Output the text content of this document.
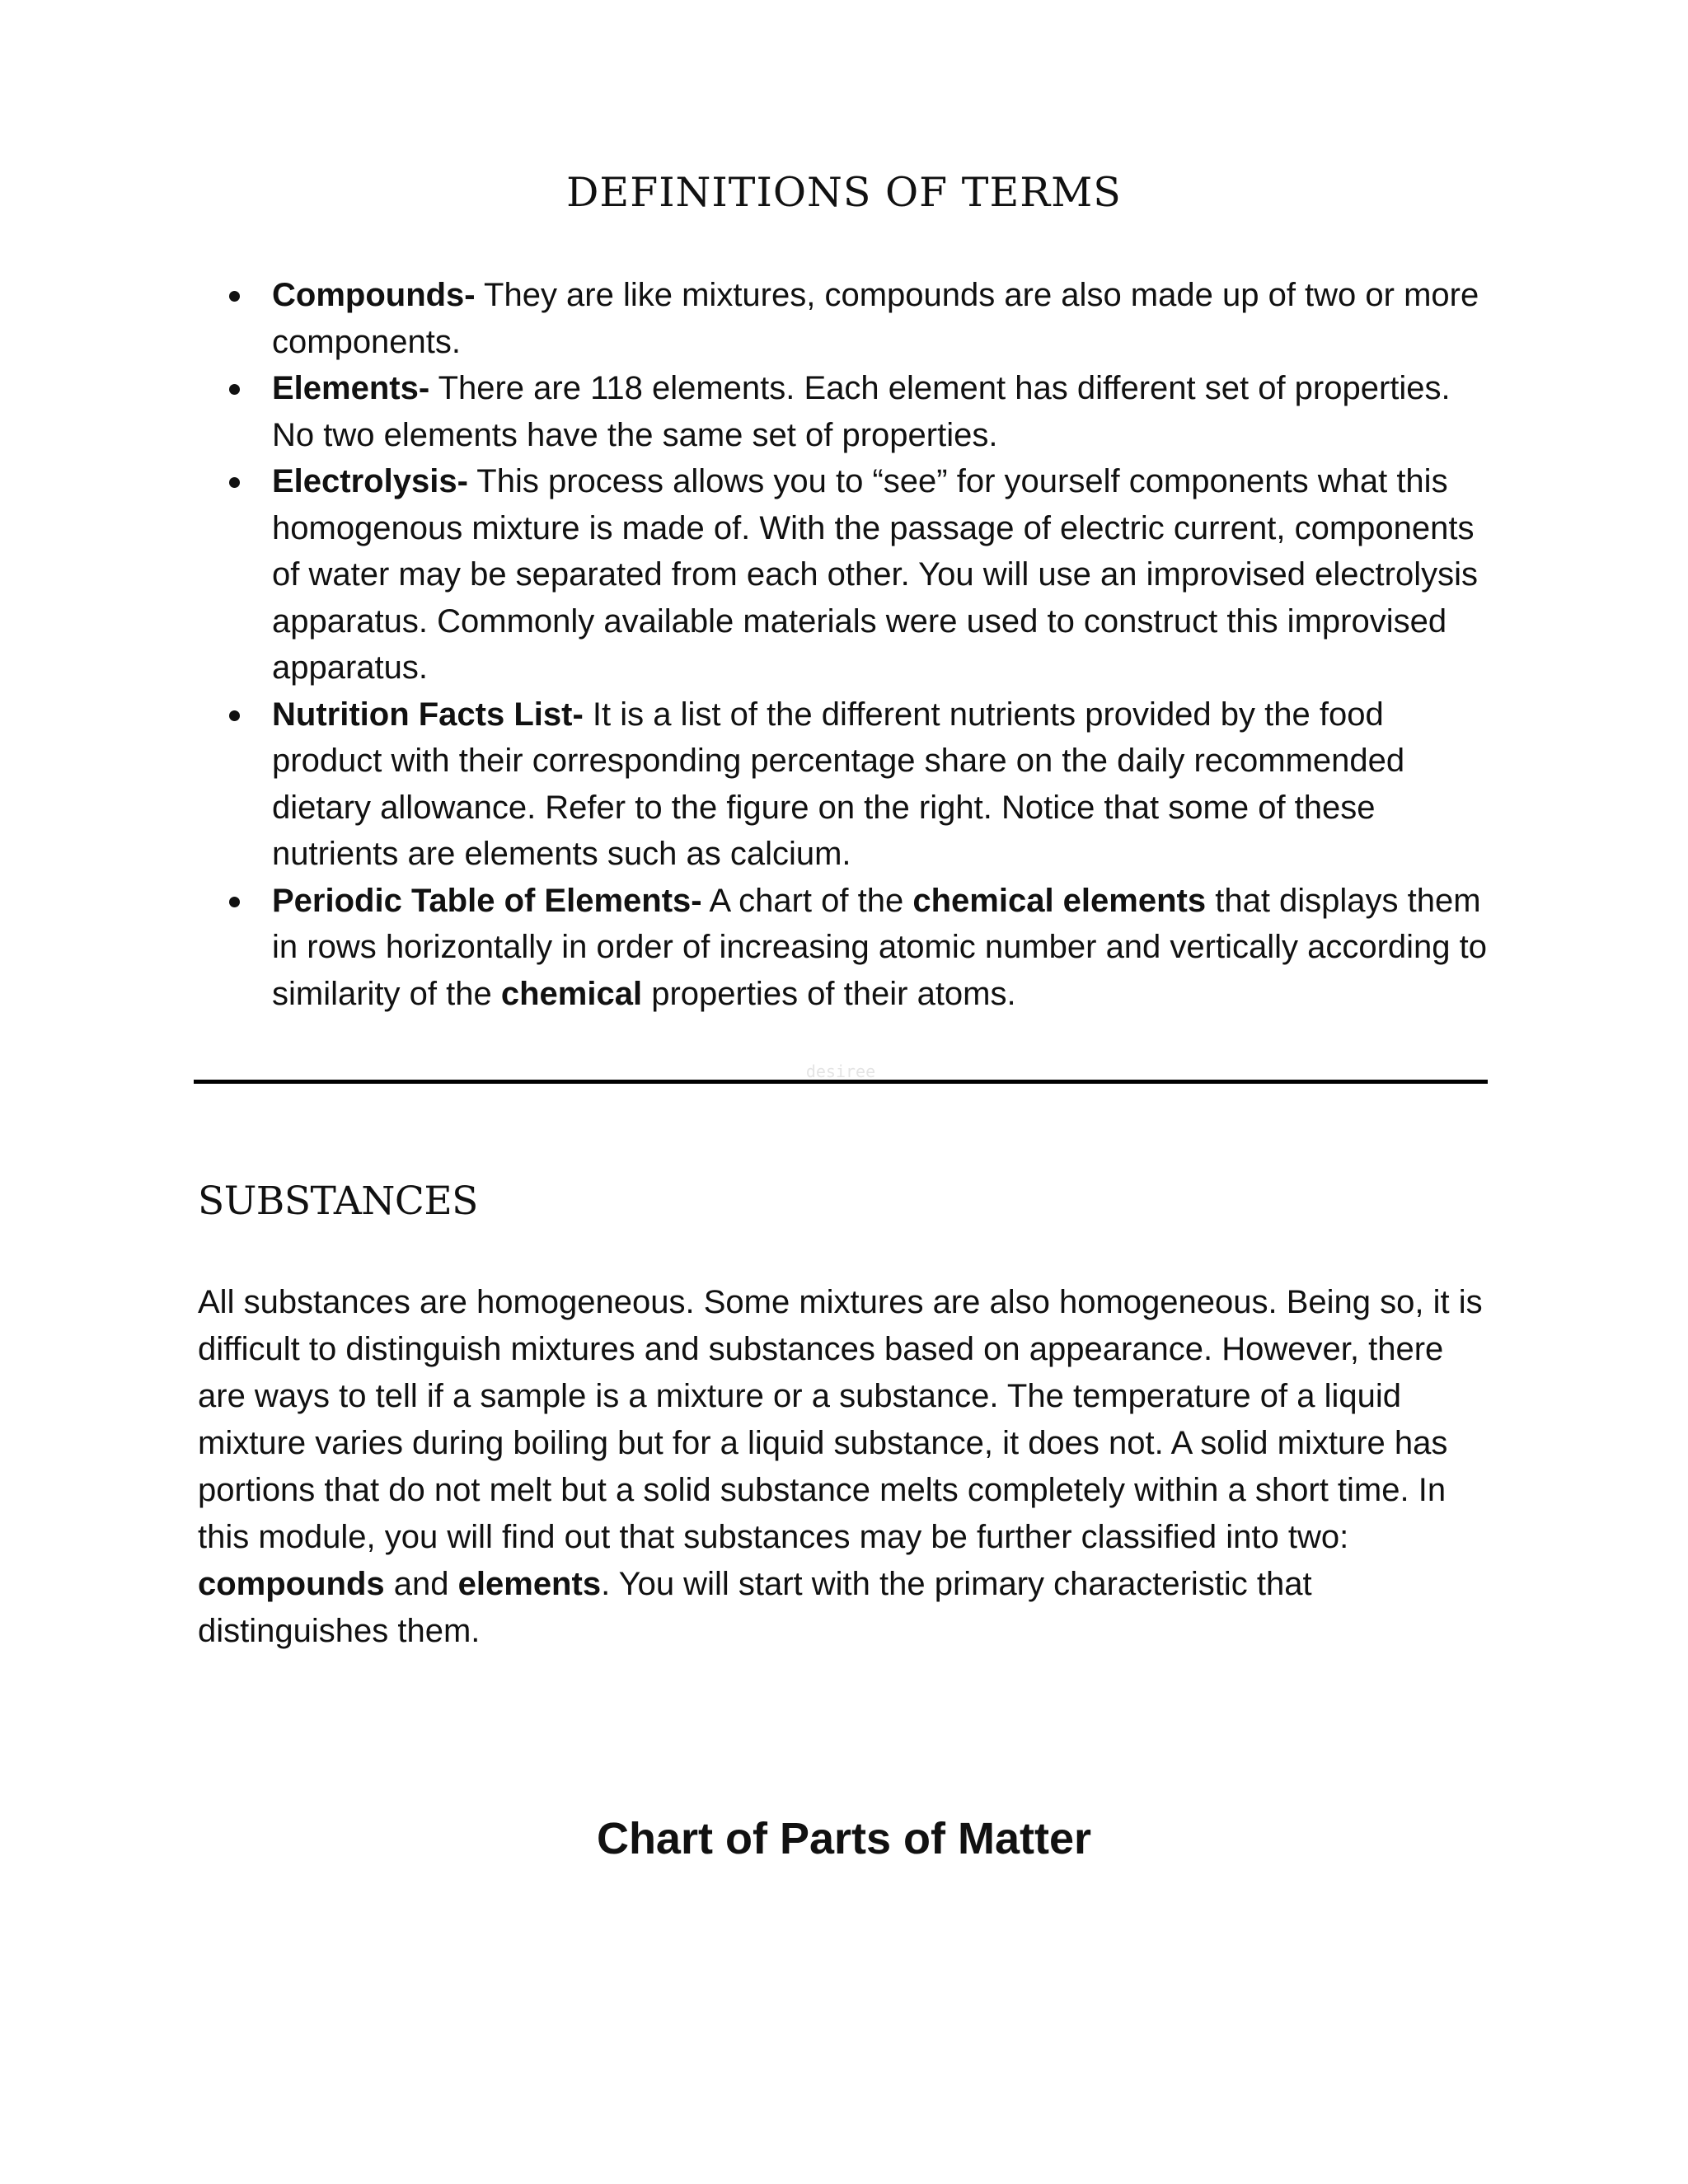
DEFINITIONS OF TERMS
Compounds- They are like mixtures, compounds are also made up of two or more components.
Elements- There are 118 elements. Each element has different set of properties. No two elements have the same set of properties.
Electrolysis- This process allows you to “see” for yourself components what this homogenous mixture is made of. With the passage of electric current, components of water may be separated from each other. You will use an improvised electrolysis apparatus. Commonly available materials were used to construct this improvised apparatus.
Nutrition Facts List- It is a list of the different nutrients provided by the food product with their corresponding percentage share on the daily recommended dietary allowance. Refer to the figure on the right. Notice that some of these nutrients are elements such as calcium.
Periodic Table of Elements- A chart of the chemical elements that displays them in rows horizontally in order of increasing atomic number and vertically according to similarity of the chemical properties of their atoms.
desiree
SUBSTANCES

All substances are homogeneous. Some mixtures are also homogeneous. Being so, it is difficult to distinguish mixtures and substances based on appearance. However, there are ways to tell if a sample is a mixture or a substance. The temperature of a liquid mixture varies during boiling but for a liquid substance, it does not. A solid mixture has portions that do not melt but a solid substance melts completely within a short time. In this module, you will find out that substances may be further classified into two: compounds and elements. You will start with the primary characteristic that distinguishes them.

Chart of Parts of Matter
